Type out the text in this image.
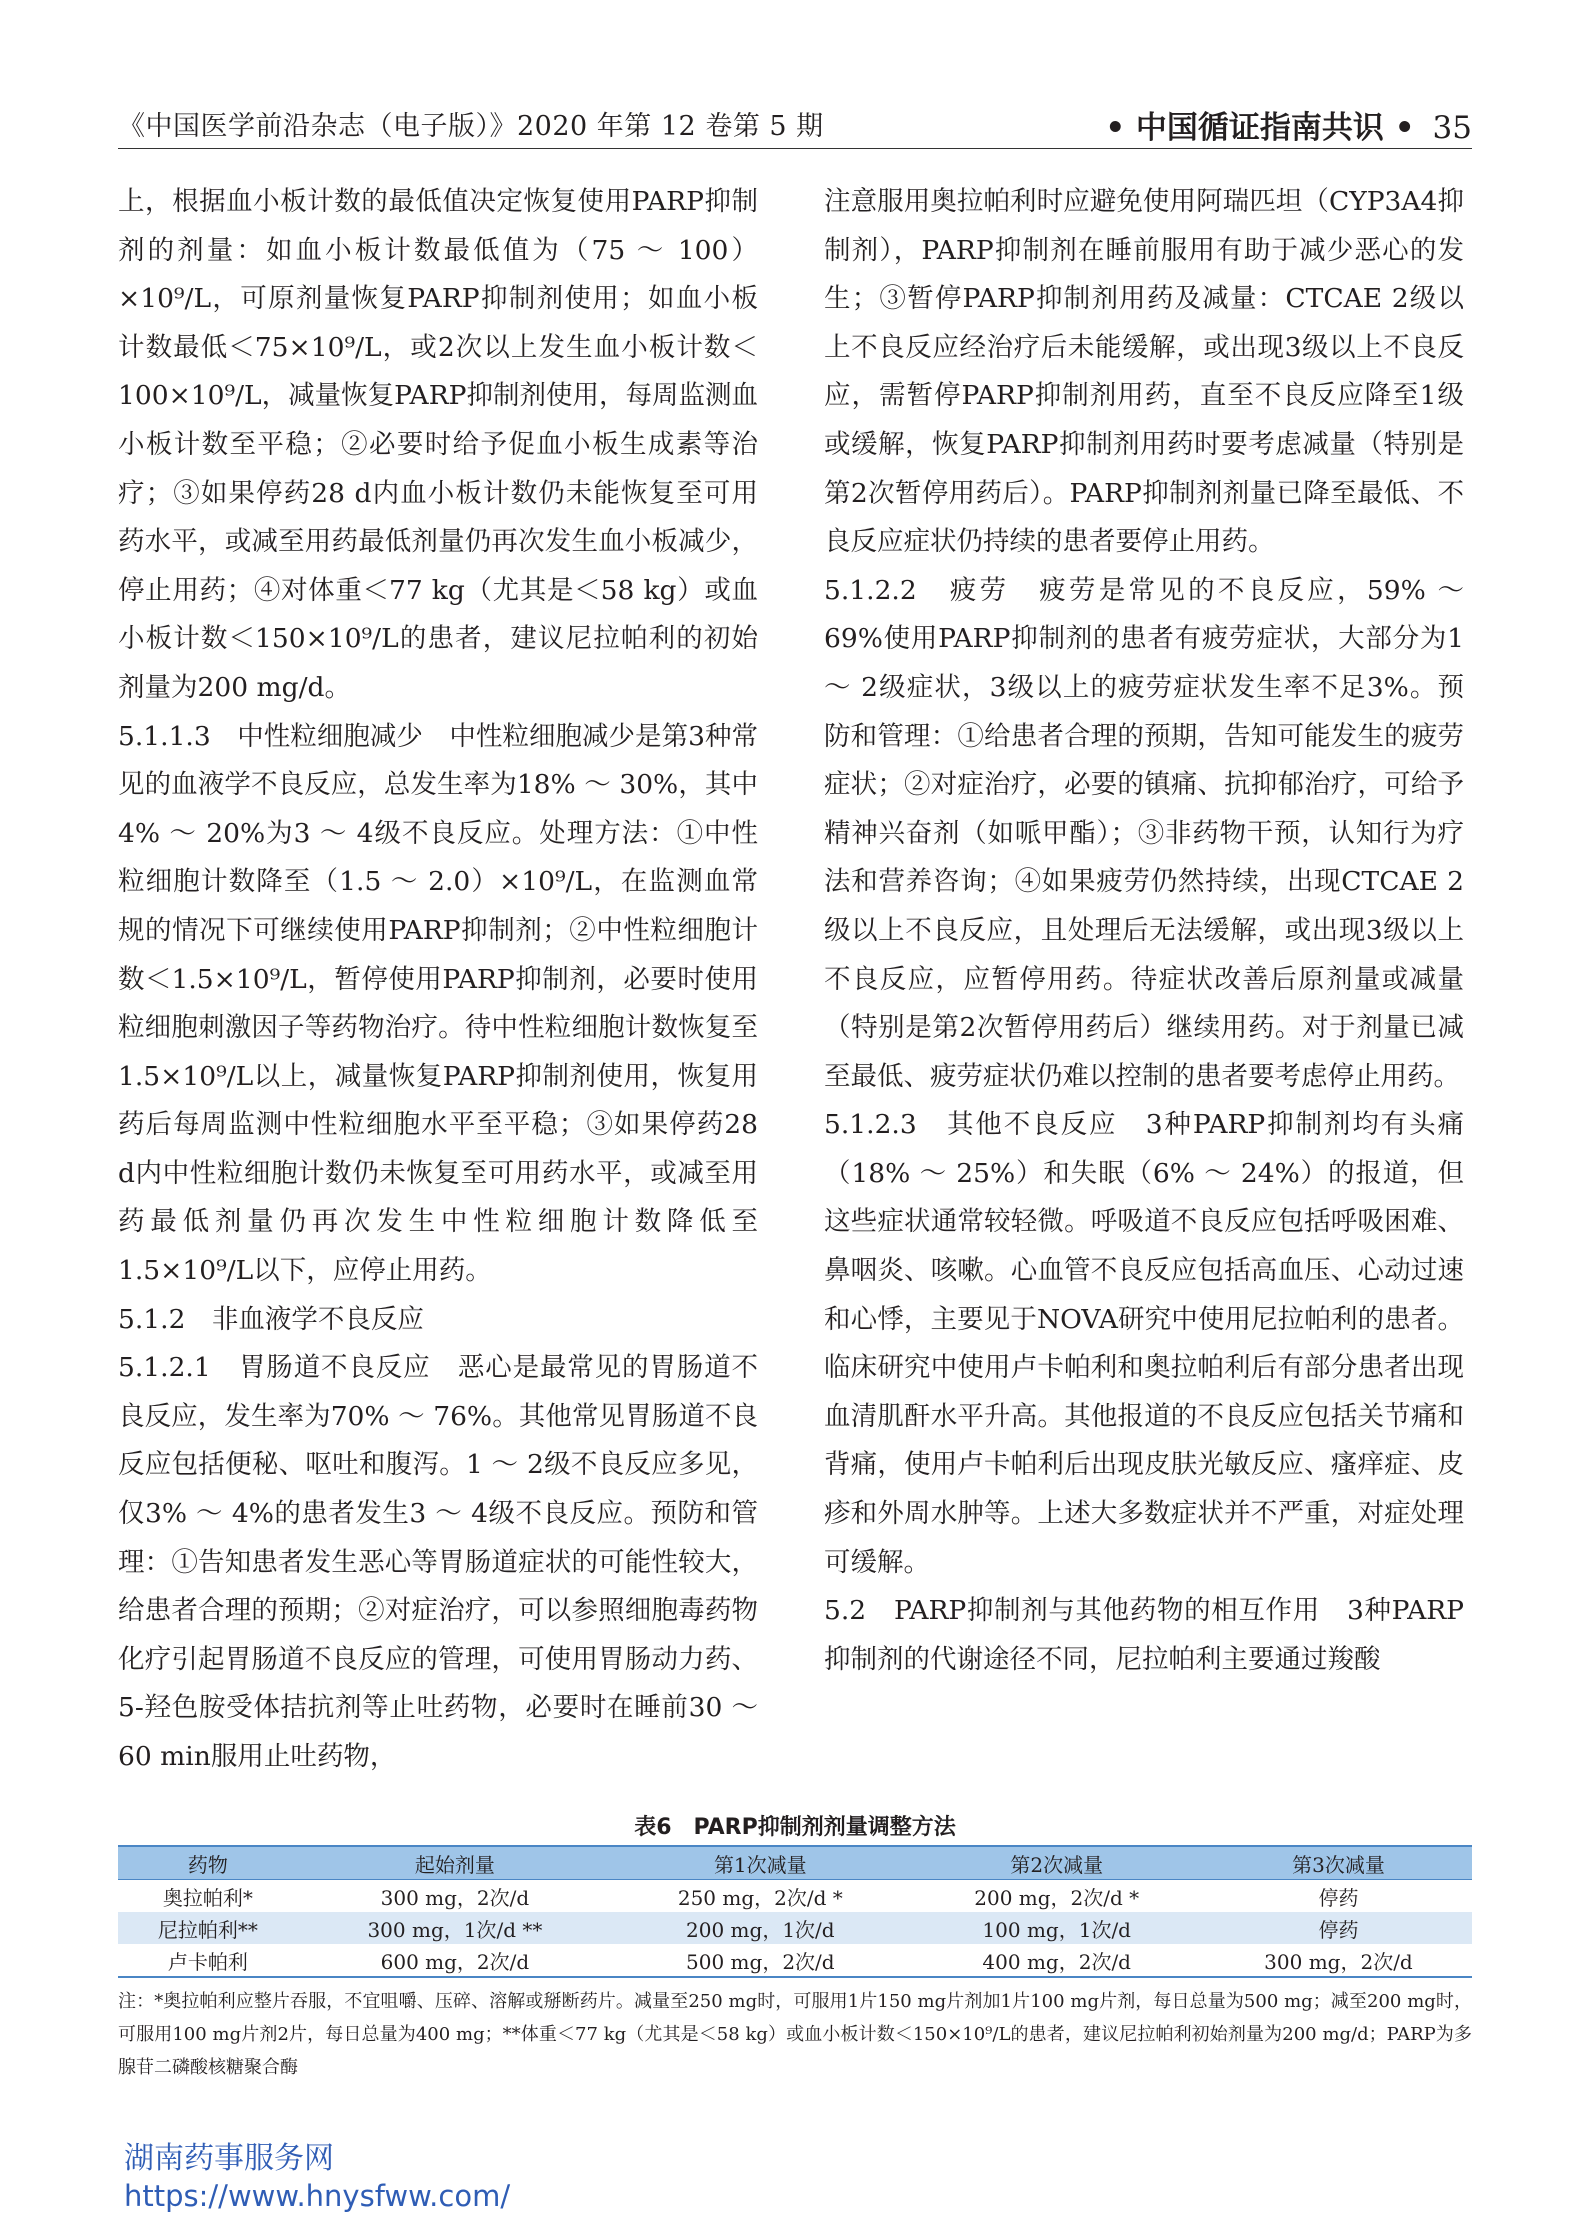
《中国医学前沿杂志（电子版）》2020 年第 12 卷第 5 期	• 中国循证指南共识 • 35

上，根据血小板计数的最低值决定恢复使用PARP抑制剂的剂量：如血小板计数最低值为（75 ～ 100）×10⁹/L，可原剂量恢复PARP抑制剂使用；如血小板计数最低＜75×10⁹/L，或2次以上发生血小板计数＜100×10⁹/L，减量恢复PARP抑制剂使用，每周监测血小板计数至平稳；②必要时给予促血小板生成素等治疗；③如果停药28 d内血小板计数仍未能恢复至可用药水平，或减至用药最低剂量仍再次发生血小板减少，停止用药；④对体重＜77 kg（尤其是＜58 kg）或血小板计数＜150×10⁹/L的患者，建议尼拉帕利的初始剂量为200 mg/d。

5.1.1.3　中性粒细胞减少　中性粒细胞减少是第3种常见的血液学不良反应，总发生率为18% ～ 30%，其中4% ～ 20%为3 ～ 4级不良反应。处理方法：①中性粒细胞计数降至（1.5 ～ 2.0）×10⁹/L，在监测血常规的情况下可继续使用PARP抑制剂；②中性粒细胞计数＜1.5×10⁹/L，暂停使用PARP抑制剂，必要时使用粒细胞刺激因子等药物治疗。待中性粒细胞计数恢复至1.5×10⁹/L以上，减量恢复PARP抑制剂使用，恢复用药后每周监测中性粒细胞水平至平稳；③如果停药28 d内中性粒细胞计数仍未恢复至可用药水平，或减至用药最低剂量仍再次发生中性粒细胞计数降低至1.5×10⁹/L以下，应停止用药。

5.1.2　非血液学不良反应

5.1.2.1　胃肠道不良反应　恶心是最常见的胃肠道不良反应，发生率为70% ～ 76%。其他常见胃肠道不良反应包括便秘、呕吐和腹泻。1 ～ 2级不良反应多见，仅3% ～ 4%的患者发生3 ～ 4级不良反应。预防和管理：①告知患者发生恶心等胃肠道症状的可能性较大，给患者合理的预期；②对症治疗，可以参照细胞毒药物化疗引起胃肠道不良反应的管理，可使用胃肠动力药、5-羟色胺受体拮抗剂等止吐药物，必要时在睡前30 ～ 60 min服用止吐药物，

注意服用奥拉帕利时应避免使用阿瑞匹坦（CYP3A4抑制剂），PARP抑制剂在睡前服用有助于减少恶心的发生；③暂停PARP抑制剂用药及减量：CTCAE 2级以上不良反应经治疗后未能缓解，或出现3级以上不良反应，需暂停PARP抑制剂用药，直至不良反应降至1级或缓解，恢复PARP抑制剂用药时要考虑减量（特别是第2次暂停用药后）。PARP抑制剂剂量已降至最低、不良反应症状仍持续的患者要停止用药。

5.1.2.2　疲劳　疲劳是常见的不良反应，59% ～ 69%使用PARP抑制剂的患者有疲劳症状，大部分为1 ～ 2级症状，3级以上的疲劳症状发生率不足3%。预防和管理：①给患者合理的预期，告知可能发生的疲劳症状；②对症治疗，必要的镇痛、抗抑郁治疗，可给予精神兴奋剂（如哌甲酯）；③非药物干预，认知行为疗法和营养咨询；④如果疲劳仍然持续，出现CTCAE 2级以上不良反应，且处理后无法缓解，或出现3级以上不良反应，应暂停用药。待症状改善后原剂量或减量（特别是第2次暂停用药后）继续用药。对于剂量已减至最低、疲劳症状仍难以控制的患者要考虑停止用药。

5.1.2.3　其他不良反应　3种PARP抑制剂均有头痛（18% ～ 25%）和失眠（6% ～ 24%）的报道，但这些症状通常较轻微。呼吸道不良反应包括呼吸困难、鼻咽炎、咳嗽。心血管不良反应包括高血压、心动过速和心悸，主要见于NOVA研究中使用尼拉帕利的患者。临床研究中使用卢卡帕利和奥拉帕利后有部分患者出现血清肌酐水平升高。其他报道的不良反应包括关节痛和背痛，使用卢卡帕利后出现皮肤光敏反应、瘙痒症、皮疹和外周水肿等。上述大多数症状并不严重，对症处理可缓解。

5.2　PARP抑制剂与其他药物的相互作用　3种PARP抑制剂的代谢途径不同，尼拉帕利主要通过羧酸

表6　PARP抑制剂剂量调整方法
药物	起始剂量	第1次减量	第2次减量	第3次减量
奥拉帕利*	300 mg，2次/d	250 mg，2次/d *	200 mg，2次/d *	停药
尼拉帕利**	300 mg，1次/d **	200 mg，1次/d	100 mg，1次/d	停药
卢卡帕利	600 mg，2次/d	500 mg，2次/d	400 mg，2次/d	300 mg，2次/d
注：*奥拉帕利应整片吞服，不宜咀嚼、压碎、溶解或掰断药片。减量至250 mg时，可服用1片150 mg片剂加1片100 mg片剂，每日总量为500 mg；减至200 mg时，可服用100 mg片剂2片，每日总量为400 mg；**体重＜77 kg（尤其是＜58 kg）或血小板计数＜150×10⁹/L的患者，建议尼拉帕利初始剂量为200 mg/d；PARP为多腺苷二磷酸核糖聚合酶
湖南药事服务网
https://www.hnysfww.com/
